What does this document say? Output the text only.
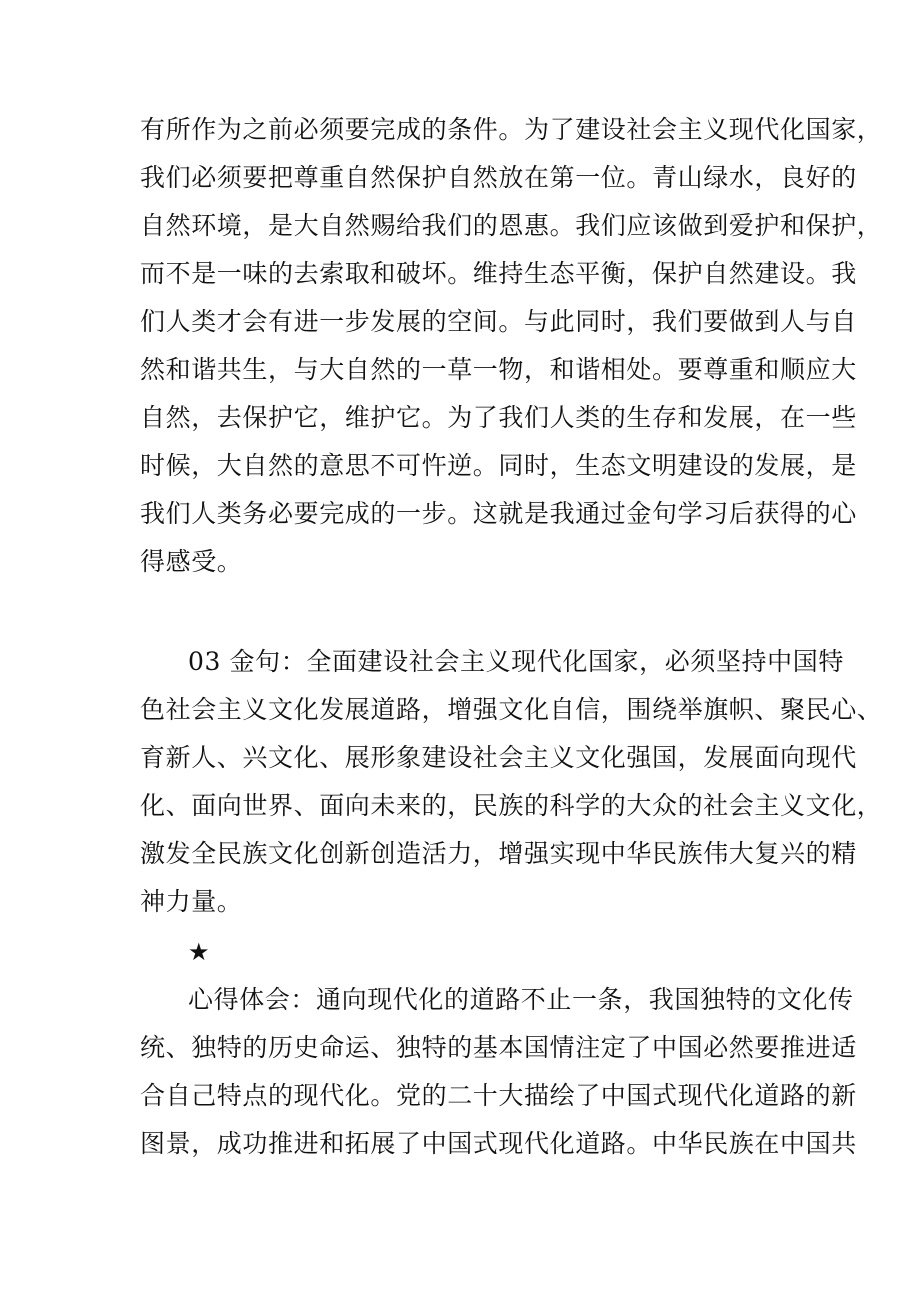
有所作为之前必须要完成的条件。为了建设社会主义现代化国家，
我们必须要把尊重自然保护自然放在第一位。青山绿水，良好的
自然环境，是大自然赐给我们的恩惠。我们应该做到爱护和保护，
而不是一味的去索取和破坏。维持生态平衡，保护自然建设。我
们人类才会有进一步发展的空间。与此同时，我们要做到人与自
然和谐共生，与大自然的一草一物，和谐相处。要尊重和顺应大
自然，去保护它，维护它。为了我们人类的生存和发展，在一些
时候，大自然的意思不可忤逆。同时，生态文明建设的发展，是
我们人类务必要完成的一步。这就是我通过金句学习后获得的心
得感受。
03 金句：全面建设社会主义现代化国家，必须坚持中国特
色社会主义文化发展道路，增强文化自信，围绕举旗帜、聚民心、
育新人、兴文化、展形象建设社会主义文化强国，发展面向现代
化、面向世界、面向未来的，民族的科学的大众的社会主义文化，
激发全民族文化创新创造活力，增强实现中华民族伟大复兴的精
神力量。
★
心得体会：通向现代化的道路不止一条，我国独特的文化传
统、独特的历史命运、独特的基本国情注定了中国必然要推进适
合自己特点的现代化。党的二十大描绘了中国式现代化道路的新
图景，成功推进和拓展了中国式现代化道路。中华民族在中国共
